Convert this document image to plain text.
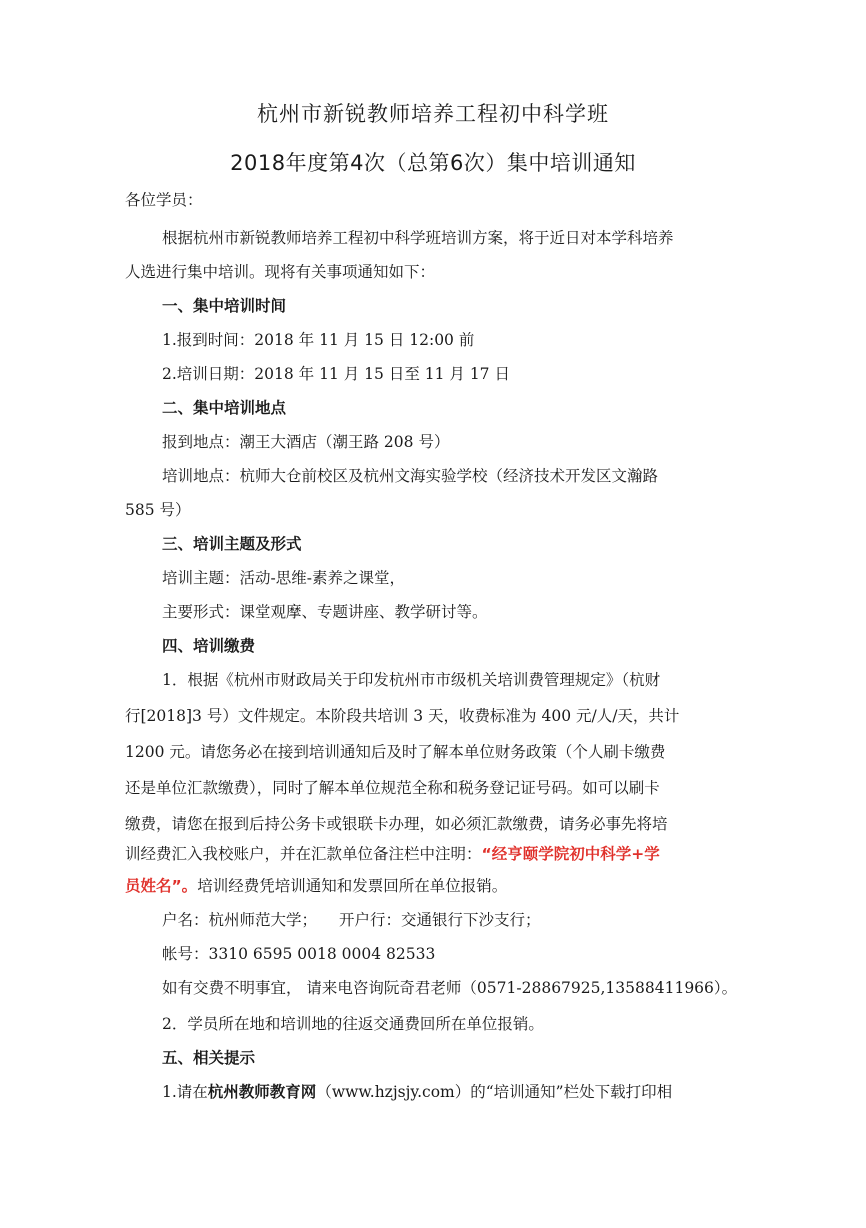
杭州市新锐教师培养工程初中科学班
2018年度第4次（总第6次）集中培训通知
各位学员：
根据杭州市新锐教师培养工程初中科学班培训方案，将于近日对本学科培养
人选进行集中培训。现将有关事项通知如下：
一、集中培训时间
1.报到时间：2018 年 11 月 15 日 12:00 前
2.培训日期：2018 年 11 月 15 日至 11 月 17 日
二、集中培训地点
报到地点：潮王大酒店（潮王路 208 号）
培训地点：杭师大仓前校区及杭州文海实验学校（经济技术开发区文瀚路
585 号）
三、培训主题及形式
培训主题：活动-思维-素养之课堂，
主要形式：课堂观摩、专题讲座、教学研讨等。
四、培训缴费
1．根据《杭州市财政局关于印发杭州市市级机关培训费管理规定》（杭财
行[2018]3 号）文件规定。本阶段共培训 3 天，收费标准为 400 元/人/天，共计
1200 元。请您务必在接到培训通知后及时了解本单位财务政策（个人刷卡缴费
还是单位汇款缴费），同时了解本单位规范全称和税务登记证号码。如可以刷卡
缴费，请您在报到后持公务卡或银联卡办理，如必须汇款缴费，请务必事先将培
训经费汇入我校账户，并在汇款单位备注栏中注明：“经亨颐学院初中科学+学
员姓名”。培训经费凭培训通知和发票回所在单位报销。
户名：杭州师范大学； 开户行：交通银行下沙支行；
帐号：3310 6595 0018 0004 82533
如有交费不明事宜， 请来电咨询阮奇君老师（0571-28867925,13588411966）。
2．学员所在地和培训地的往返交通费回所在单位报销。
五、相关提示
1.请在杭州教师教育网（www.hzjsjy.com）的“培训通知”栏处下载打印相
